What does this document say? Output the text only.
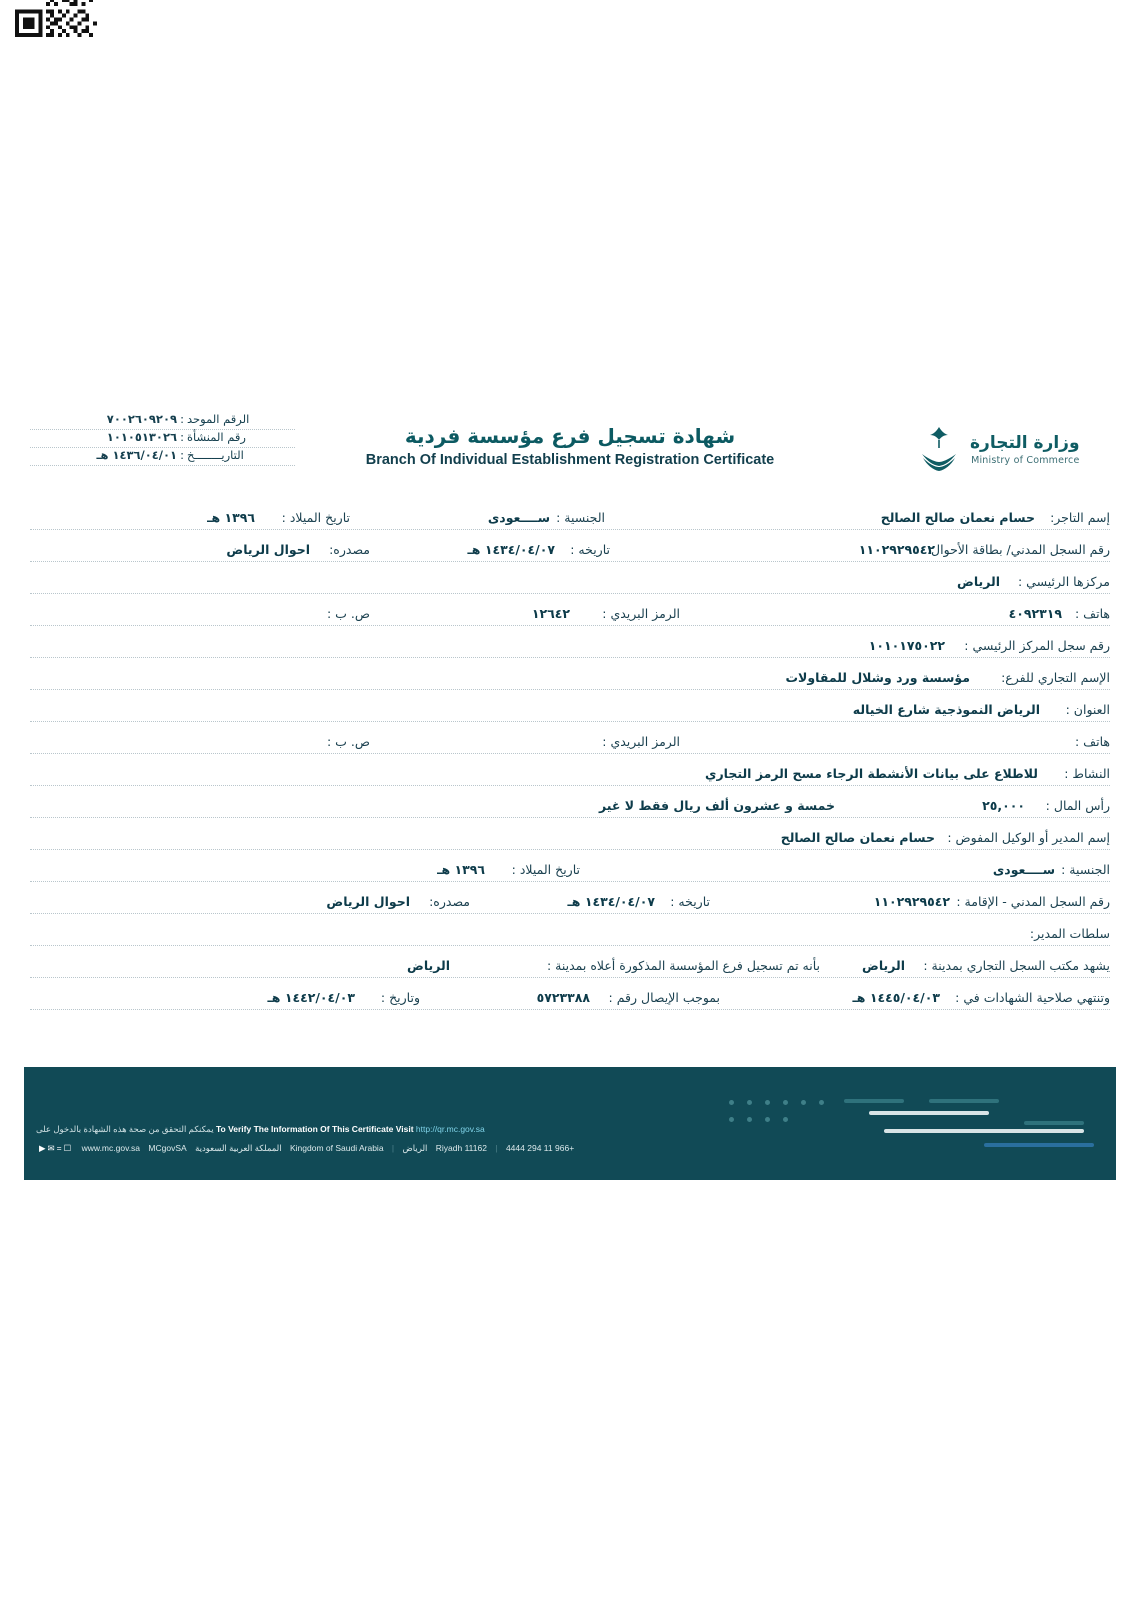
الرقم الموحد
:
٧٠٠٢٦٠٩٢٠٩
رقم المنشأة
:
١٠١٠٥١٣٠٢٦
التاريــــــــخ
:
١٤٣٦/٠٤/٠١ هـ
شهادة تسجيل فرع مؤسسة فردية
Branch Of Individual Establishment Registration Certificate
وزارة التجارة
Ministry of Commerce
إسم التاجر:
حسام نعمان صالح الصالح
الجنسية :
ســــعودى
تاريخ الميلاد :
١٣٩٦ هـ
رقم السجل المدني/ بطاقة الأحوال:
١١٠٢٩٢٩٥٤٢
تاريخه :
١٤٣٤/٠٤/٠٧ هـ
مصدره:
احوال الرياض
مركزها الرئيسي :
الرياض
هاتف :
٤٠٩٢٣١٩
الرمز البريدي :
١٢٦٤٢
ص. ب :
رقم سجل المركز الرئيسي :
١٠١٠١٧٥٠٢٢
الإسم التجاري للفرع:
مؤسسة ورد وشلال للمقاولات
العنوان :
الرياض النموذجية شارع الخياله
هاتف :
الرمز البريدي :
ص. ب :
النشاط :
للاطلاع على بيانات الأنشطة الرجاء مسح الرمز التجاري
رأس المال :
٢٥,٠٠٠
خمسة و عشرون ألف ريال فقط لا غير
إسم المدير أو الوكيل المفوض :
حسام نعمان صالح الصالح
الجنسية :
ســــعودى
تاريخ الميلاد :
١٣٩٦ هـ
رقم السجل المدني - الإقامة :
١١٠٢٩٢٩٥٤٢
تاريخه :
١٤٣٤/٠٤/٠٧ هـ
مصدره:
احوال الرياض
سلطات المدير:
يشهد مكتب السجل التجاري بمدينة :
الرياض
بأنه تم تسجيل فرع المؤسسة المذكورة أعلاه بمدينة :
الرياض
وتنتهي صلاحية الشهادات في :
١٤٤٥/٠٤/٠٣ هـ
بموجب الإيصال رقم :
٥٧٢٣٣٨٨
وتاريخ :
١٤٤٢/٠٤/٠٣ هـ
To Verify The Information Of This Certificate Visit http://qr.mc.gov.sa يمكنكم التحقق من صحة هذه الشهادة بالدخول على
+966 11 294 4444 | Riyadh 11162 الرياض | Kingdom of Saudi Arabia المملكة العربية السعودية www.mc.gov.sa MCgovSA ☐=✉▶
